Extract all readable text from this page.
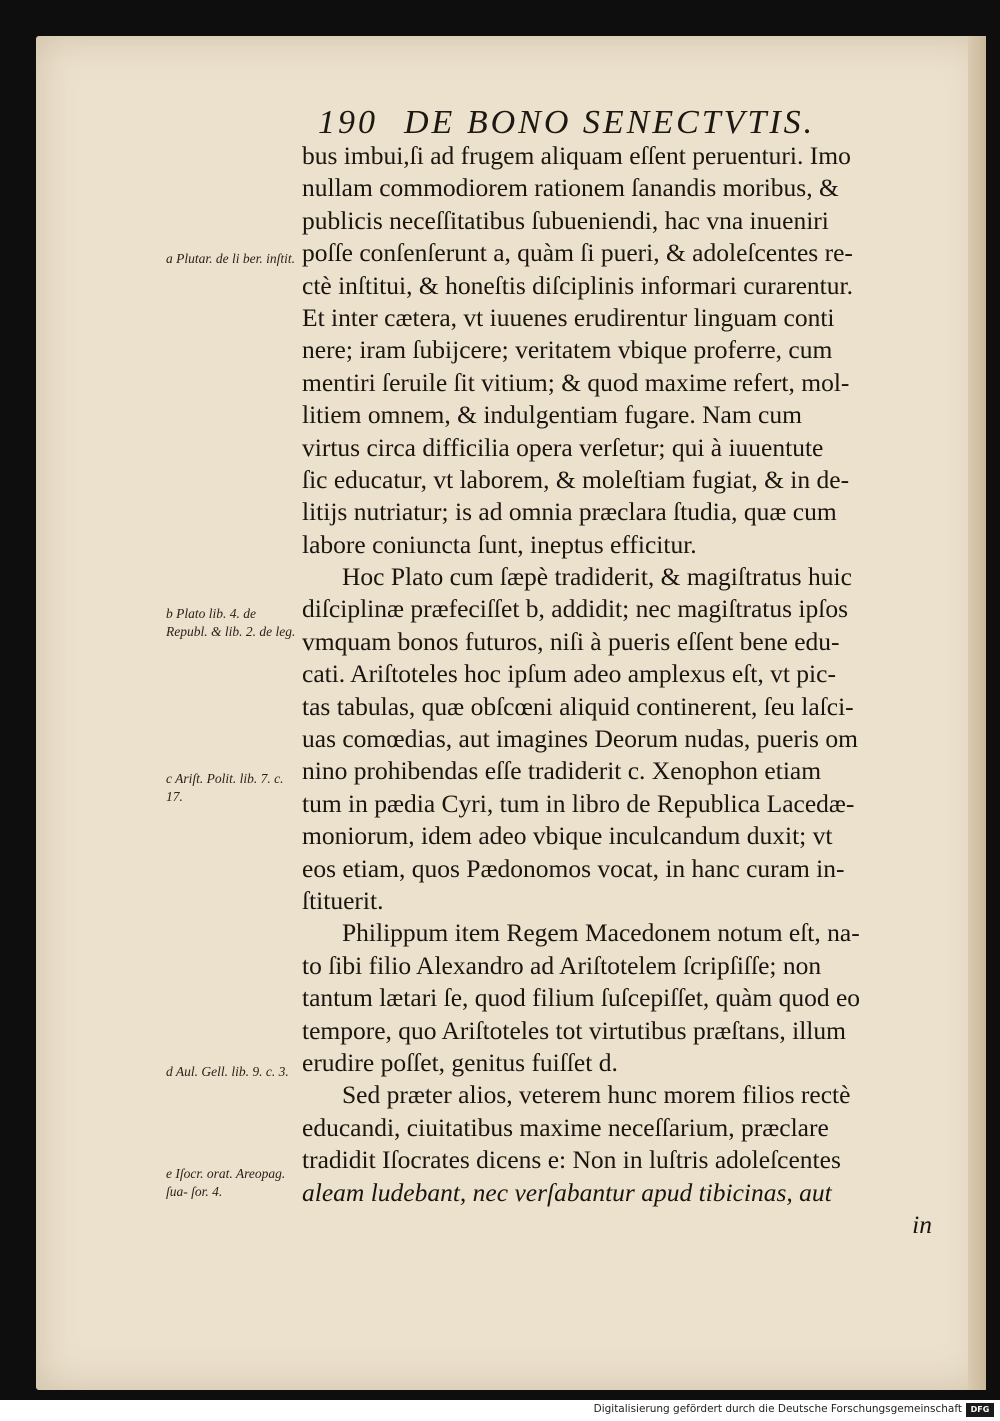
190 DE BONO SENECTVTIS.
bus imbui,ſi ad frugem aliquam eſſent peruenturi. Imo
nullam commodiorem rationem ſanandis moribus, &
publicis neceſſitatibus ſubueniendi, hac vna inueniri
poſſe conſenſerunt a, quàm ſi pueri, & adoleſcentes re-
ctè inſtitui, & honeſtis diſciplinis informari curarentur.
Et inter cætera, vt iuuenes erudirentur linguam conti
nere; iram ſubijcere; veritatem vbique proferre, cum
mentiri ſeruile ſit vitium; & quod maxime refert, mol-
litiem omnem, & indulgentiam fugare. Nam cum
virtus circa difficilia opera verſetur; qui à iuuentute
ſic educatur, vt laborem, & moleſtiam fugiat, & in de-
litijs nutriatur; is ad omnia præclara ſtudia, quæ cum
labore coniuncta ſunt, ineptus efficitur.
Hoc Plato cum ſæpè tradiderit, & magiſtratus huic
diſciplinæ præfeciſſet b, addidit; nec magiſtratus ipſos
vmquam bonos futuros, niſi à pueris eſſent bene edu-
cati. Ariſtoteles hoc ipſum adeo amplexus eſt, vt pic-
tas tabulas, quæ obſcœni aliquid continerent, ſeu laſci-
uas comœdias, aut imagines Deorum nudas, pueris om
nino prohibendas eſſe tradiderit c. Xenophon etiam
tum in pædia Cyri, tum in libro de Republica Lacedæ-
moniorum, idem adeo vbique inculcandum duxit; vt
eos etiam, quos Pædonomos vocat, in hanc curam in-
ſtituerit.
Philippum item Regem Macedonem notum eſt, na-
to ſibi filio Alexandro ad Ariſtotelem ſcripſiſſe; non
tantum lætari ſe, quod filium ſuſcepiſſet, quàm quod eo
tempore, quo Ariſtoteles tot virtutibus præſtans, illum
erudire poſſet, genitus fuiſſet d.
Sed præter alios, veterem hunc morem filios rectè
educandi, ciuitatibus maxime neceſſarium, præclare
tradidit Iſocrates dicens e: Non in luſtris adoleſcentes
aleam ludebant, nec verſabantur apud tibicinas, aut
in
a Plutar. de li ber. inſtit.
b Plato lib. 4. de Republ. & lib. 2. de leg.
c Ariſt. Polit. lib. 7. c. 17.
d Aul. Gell. lib. 9. c. 3.
e Iſocr. orat. Areopag. ſua- ſor. 4.
Digitalisierung gefördert durch die Deutsche Forschungsgemeinschaft	DFG
